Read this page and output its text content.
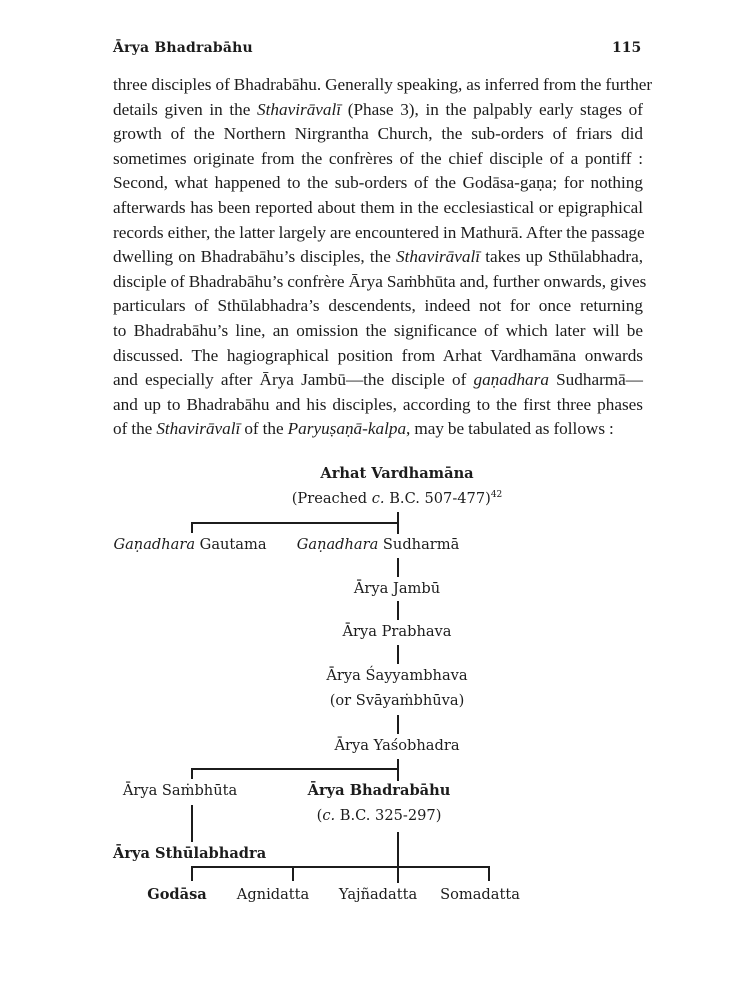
Ārya Bhadrabāhu	115
three disciples of Bhadrabāhu. Generally speaking, as inferred from the further
details given in the Sthavirāvalī (Phase 3), in the palpably early stages of
growth of the Northern Nirgrantha Church, the sub-orders of friars did
sometimes originate from the confrères of the chief disciple of a pontiff :
Second, what happened to the sub-orders of the Godāsa-gaṇa; for nothing
afterwards has been reported about them in the ecclesiastical or epigraphical
records either, the latter largely are encountered in Mathurā. After the passage
dwelling on Bhadrabāhu’s disciples, the Sthavirāvalī takes up Sthūlabhadra,
disciple of Bhadrabāhu’s confrère Ārya Saṁbhūta and, further onwards, gives
particulars of Sthūlabhadra’s descendents, indeed not for once returning
to Bhadrabāhu’s line, an omission the significance of which later will be
discussed. The hagiographical position from Arhat Vardhamāna onwards
and especially after Ārya Jambū—the disciple of gaṇadhara Sudharmā—
and up to Bhadrabāhu and his disciples, according to the first three phases
of the Sthavirāvalī of the Paryuṣaṇā-kalpa, may be tabulated as follows :
Arhat Vardhamāna
(Preached c. B.C. 507-477)$^{42}$
Gaṇadhara Gautama Gaṇadhara Sudharmā
Ārya Jambū
Ārya Prabhava
Ārya Śayyambhava
(or Svāyaṁbhūva)
Ārya Yaśobhadra
Ārya Saṁbhūta	Ārya Bhadrabāhu
(c. B.C. 325-297)
Ārya Sthūlabhadra
Godāsa Agnidatta Yajñadatta Somadatta
